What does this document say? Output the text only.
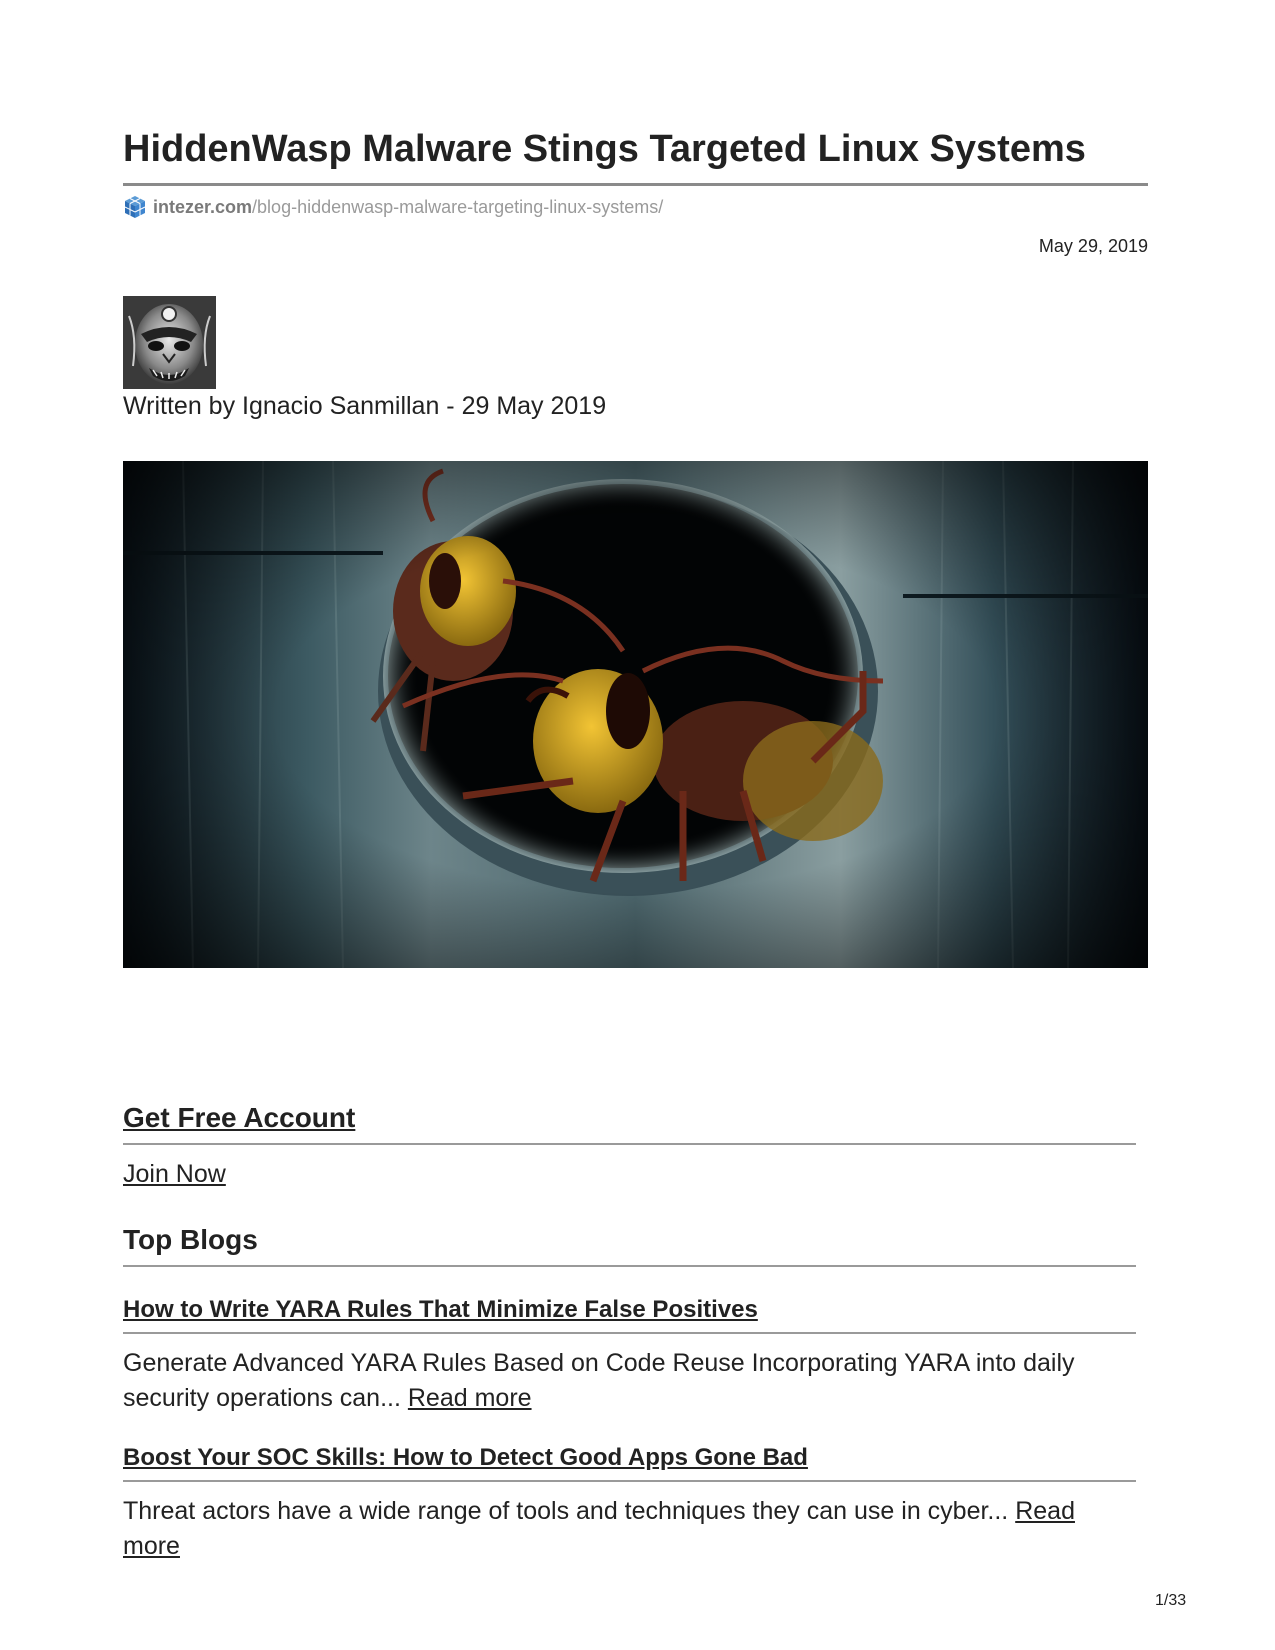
HiddenWasp Malware Stings Targeted Linux Systems
intezer.com /blog-hiddenwasp-malware-targeting-linux-systems/
May 29, 2019
Written by Ignacio Sanmillan - 29 May 2019
Get Free Account
Join Now
Top Blogs
How to Write YARA Rules That Minimize False Positives
Generate Advanced YARA Rules Based on Code Reuse Incorporating YARA into daily security operations can... Read more
Boost Your SOC Skills: How to Detect Good Apps Gone Bad
Threat actors have a wide range of tools and techniques they can use in cyber... Read more
1/33
